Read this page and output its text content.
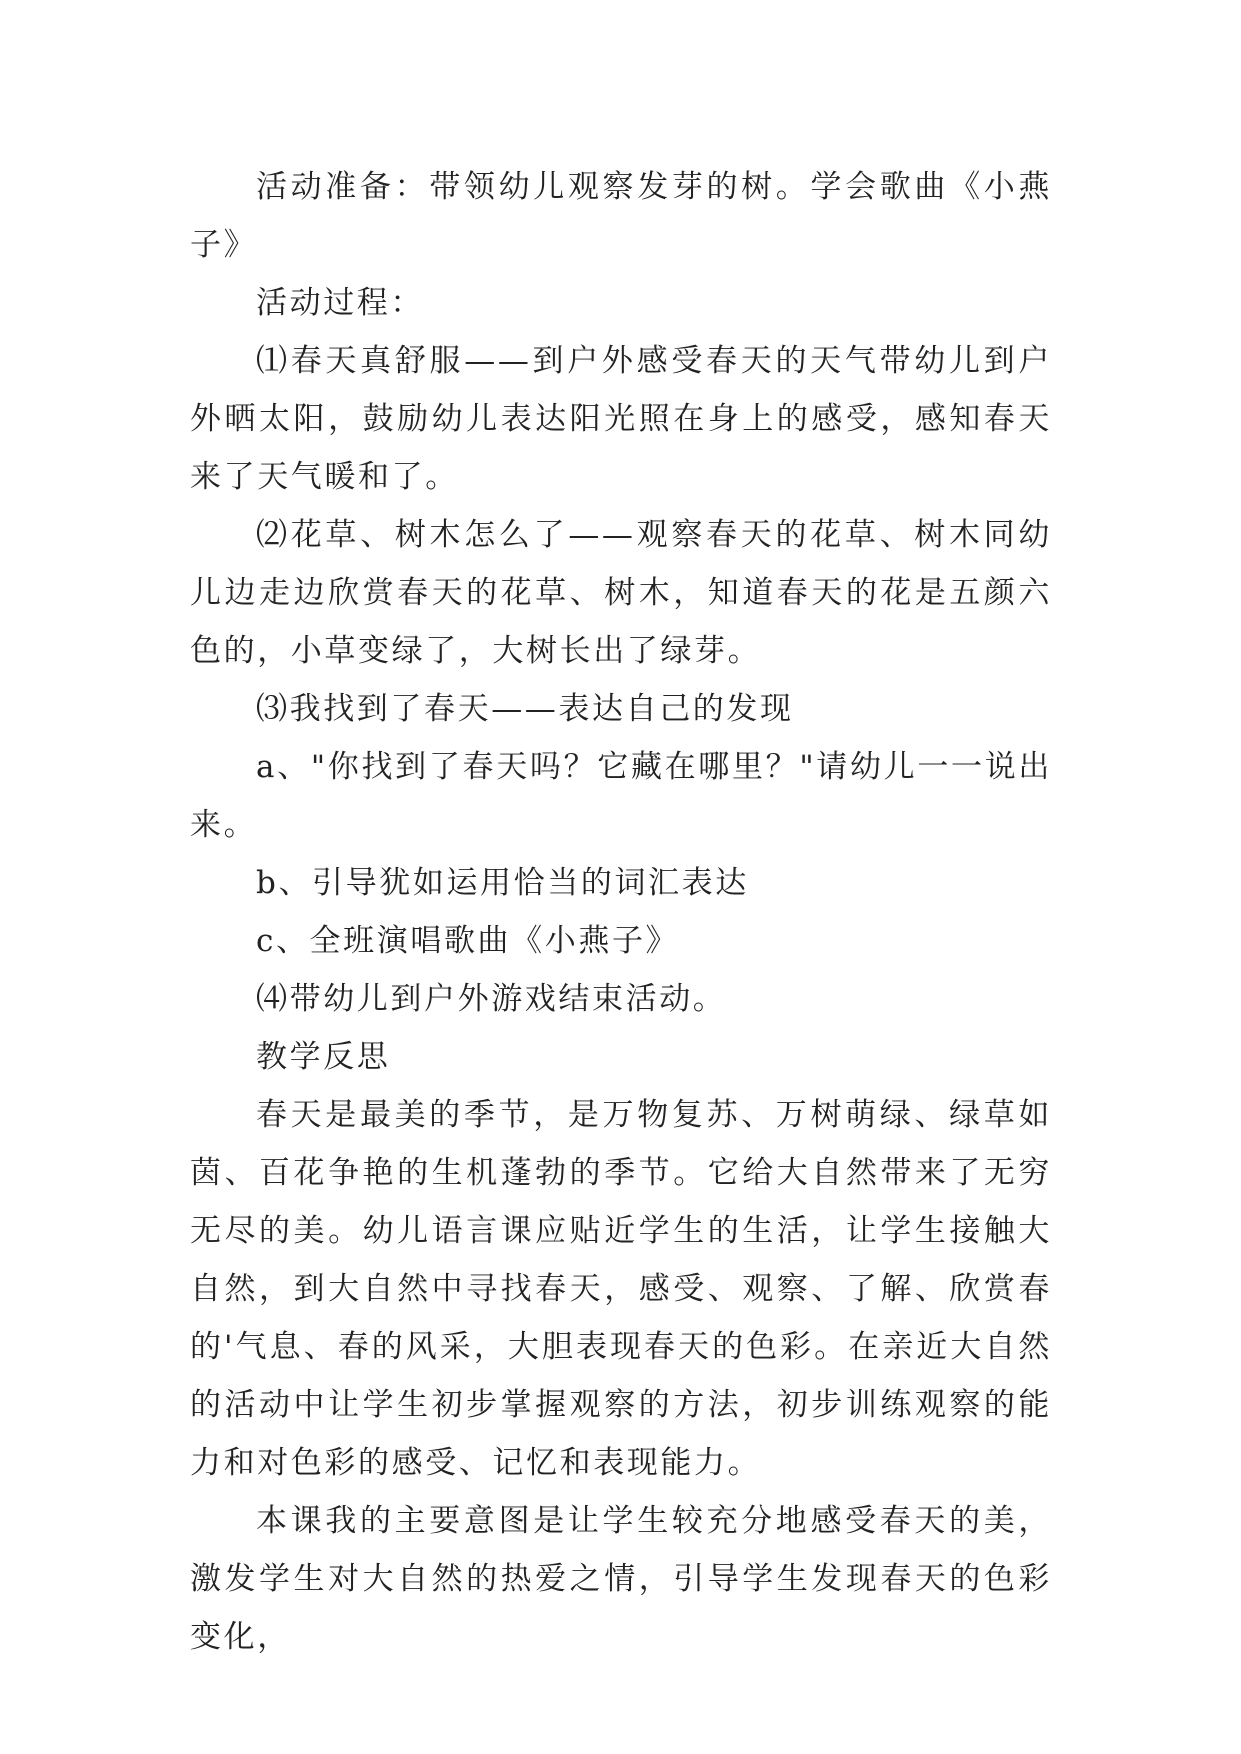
活动准备：带领幼儿观察发芽的树。学会歌曲《小燕子》

活动过程：

⑴春天真舒服——到户外感受春天的天气带幼儿到户外晒太阳，鼓励幼儿表达阳光照在身上的感受，感知春天来了天气暖和了。

⑵花草、树木怎么了——观察春天的花草、树木同幼儿边走边欣赏春天的花草、树木，知道春天的花是五颜六色的，小草变绿了，大树长出了绿芽。

⑶我找到了春天——表达自己的发现

a、"你找到了春天吗？它藏在哪里？"请幼儿一一说出来。

b、引导犹如运用恰当的词汇表达

c、全班演唱歌曲《小燕子》

⑷带幼儿到户外游戏结束活动。

教学反思

春天是最美的季节，是万物复苏、万树萌绿、绿草如茵、百花争艳的生机蓬勃的季节。它给大自然带来了无穷无尽的美。幼儿语言课应贴近学生的生活，让学生接触大自然，到大自然中寻找春天，感受、观察、了解、欣赏春的'气息、春的风采，大胆表现春天的色彩。在亲近大自然的活动中让学生初步掌握观察的方法，初步训练观察的能力和对色彩的感受、记忆和表现能力。

本课我的主要意图是让学生较充分地感受春天的美，激发学生对大自然的热爱之情，引导学生发现春天的色彩变化，
